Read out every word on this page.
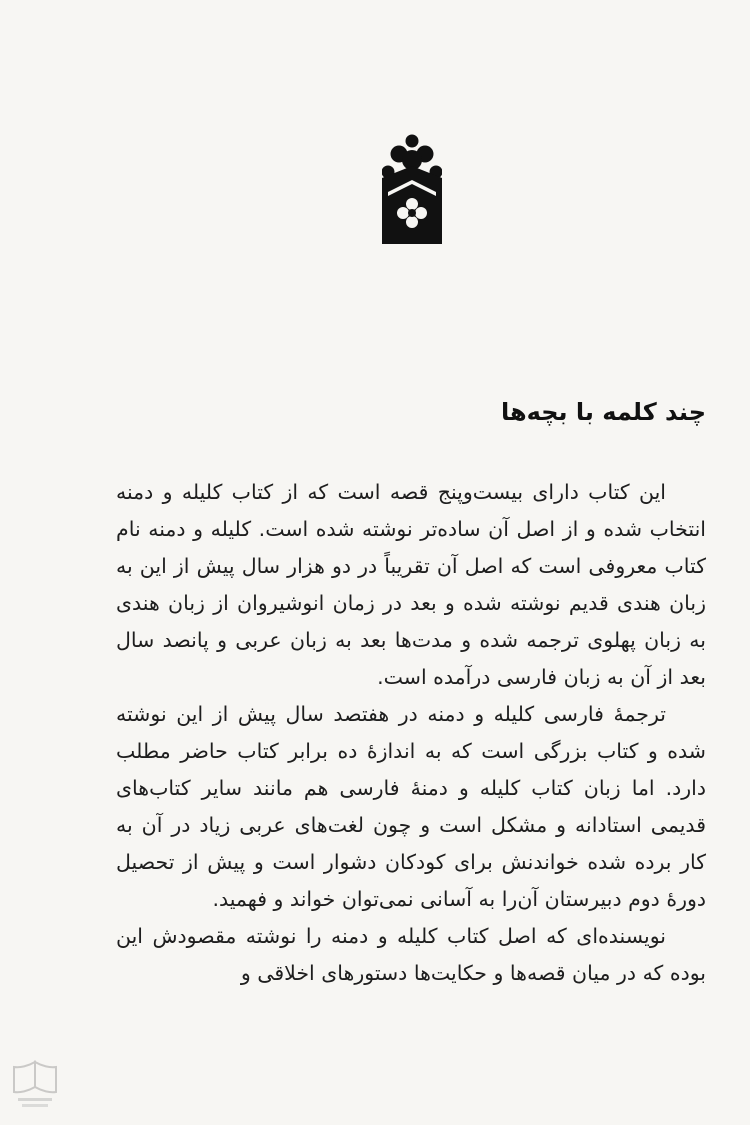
چند کلمه با بچه‌ها

این کتاب دارای بیست‌وپنج قصه است که از کتاب کلیله و دمنه انتخاب شده و از اصل آن ساده‌تر نوشته شده است. کلیله و دمنه نام کتاب معروفی است که اصل آن تقریباً در دو هزار سال پیش از این به زبان هندی قدیم نوشته شده و بعد در زمان انوشیروان از زبان هندی به زبان پهلوی ترجمه شده و مدت‌ها بعد به زبان عربی و پانصد سال بعد از آن به زبان فارسی درآمده است.

ترجمهٔ فارسی کلیله و دمنه در هفتصد سال پیش از این نوشته شده و کتاب بزرگی است که به اندازهٔ ده برابر کتاب حاضر مطلب دارد. اما زبان کتاب کلیله و دمنهٔ فارسی هم مانند سایر کتاب‌های قدیمی استادانه و مشکل است و چون لغت‌های عربی زیاد در آن به کار برده شده خواندنش برای کودکان دشوار است و پیش از تحصیل دورهٔ دوم دبیرستان آن‌را به آسانی نمی‌توان خواند و فهمید.

نویسنده‌ای که اصل کتاب کلیله و دمنه را نوشته مقصودش این بوده که در میان قصه‌ها و حکایت‌ها دستورهای اخلاقی و
